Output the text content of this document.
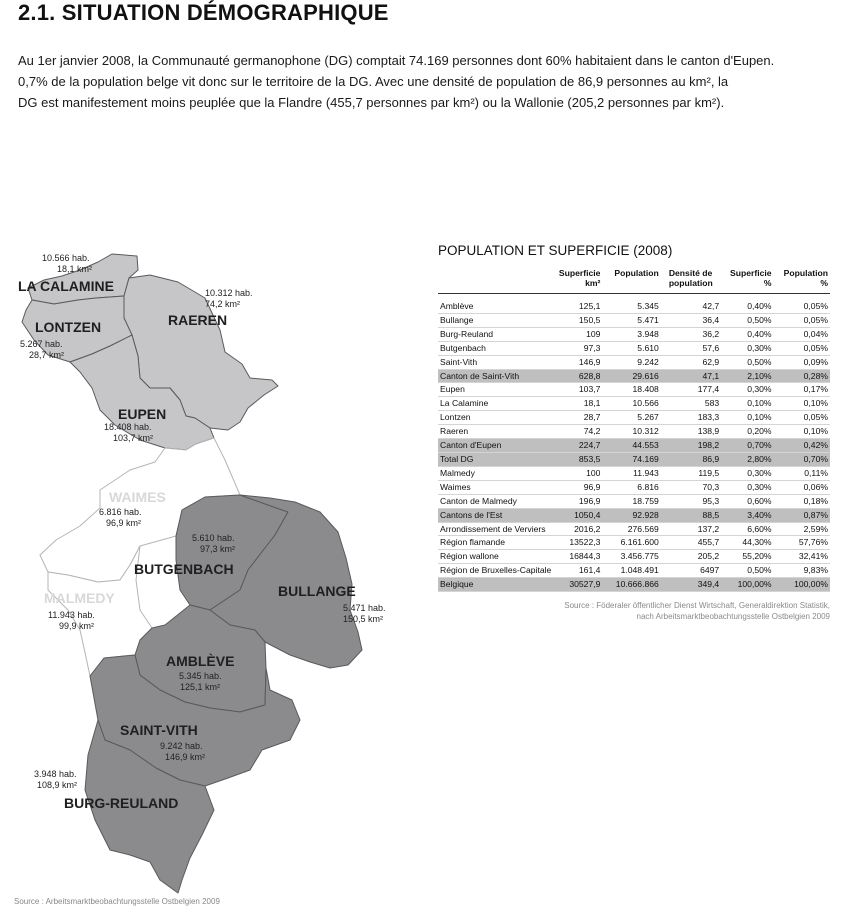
2.1. SITUATION DÉMOGRAPHIQUE

Au 1er janvier 2008, la Communauté germanophone (DG) comptait 74.169 personnes dont 60% habitaient dans le canton d'Eupen.

0,7% de la population belge vit donc sur le territoire de la DG. Avec une densité de population de 86,9 personnes au km², la

DG est manifestement moins peuplée que la Flandre (455,7 personnes par km²) ou la Wallonie (205,2 personnes par km²).

LA CALAMINE
10.566 hab.
18,1 km²
RAEREN
10.312 hab.
74,2 km²
LONTZEN
5.267 hab.
28,7 km²
EUPEN
18.408 hab.
103,7 km²
WAIMES
6.816 hab.
96,9 km²
BUTGENBACH
5.610 hab.
97,3 km²
MALMEDY
11.943 hab.
99,9 km²
BULLANGE
5.471 hab.
150,5 km²
AMBLÈVE
5.345 hab.
125,1 km²
SAINT-VITH
9.242 hab.
146,9 km²
BURG-REULAND
3.948 hab.
108,9 km²
Source : Arbeitsmarktbeobachtungsstelle Ostbelgien 2009
POPULATION ET SUPERFICIE (2008)
	Superficie
km²	Population	Densité de
population	Superficie
%	Population
%

Amblève	125,1	5.345	42,7	0,40%	0,05%
Bullange	150,5	5.471	36,4	0,50%	0,05%
Burg-Reuland	109	3.948	36,2	0,40%	0,04%
Butgenbach	97,3	5.610	57,6	0,30%	0,05%
Saint-Vith	146,9	9.242	62,9	0,50%	0,09%
Canton de Saint-Vith	628,8	29.616	47,1	2,10%	0,28%
Eupen	103,7	18.408	177,4	0,30%	0,17%
La Calamine	18,1	10.566	583	0,10%	0,10%
Lontzen	28,7	5.267	183,3	0,10%	0,05%
Raeren	74,2	10.312	138,9	0,20%	0,10%
Canton d'Eupen	224,7	44.553	198,2	0,70%	0,42%
Total DG	853,5	74.169	86,9	2,80%	0,70%
Malmedy	100	11.943	119,5	0,30%	0,11%
Waimes	96,9	6.816	70,3	0,30%	0,06%
Canton de Malmedy	196,9	18.759	95,3	0,60%	0,18%
Cantons de l'Est	1050,4	92.928	88,5	3,40%	0,87%
Arrondissement de Verviers	2016,2	276.569	137,2	6,60%	2,59%
Région flamande	13522,3	6.161.600	455,7	44,30%	57,76%
Région wallone	16844,3	3.456.775	205,2	55,20%	32,41%
Région de Bruxelles-Capitale	161,4	1.048.491	6497	0,50%	9,83%
Belgique	30527,9	10.666.866	349,4	100,00%	100,00%
Source : Föderaler öffentlicher Dienst Wirtschaft, Generaldirektion Statistik,
nach Arbeitsmarktbeobachtungsstelle Ostbelgien 2009
